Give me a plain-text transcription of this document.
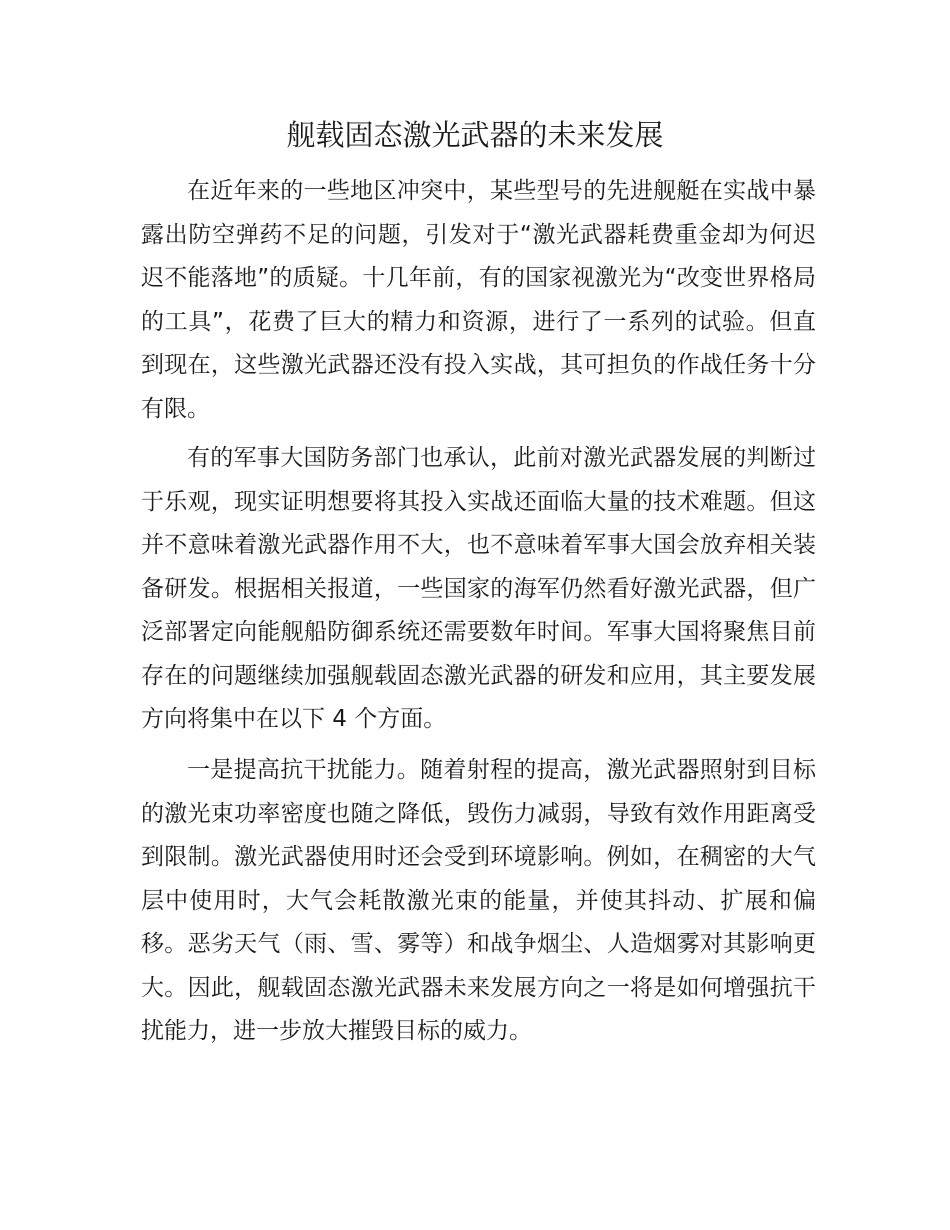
舰载固态激光武器的未来发展

在近年来的一些地区冲突中，某些型号的先进舰艇在实战中暴露出防空弹药不足的问题，引发对于“激光武器耗费重金却为何迟迟不能落地”的质疑。十几年前，有的国家视激光为“改变世界格局的工具”，花费了巨大的精力和资源，进行了一系列的试验。但直到现在，这些激光武器还没有投入实战，其可担负的作战任务十分有限。

有的军事大国防务部门也承认，此前对激光武器发展的判断过于乐观，现实证明想要将其投入实战还面临大量的技术难题。但这并不意味着激光武器作用不大，也不意味着军事大国会放弃相关装备研发。根据相关报道，一些国家的海军仍然看好激光武器，但广泛部署定向能舰船防御系统还需要数年时间。军事大国将聚焦目前存在的问题继续加强舰载固态激光武器的研发和应用，其主要发展方向将集中在以下 4 个方面。

一是提高抗干扰能力。随着射程的提高，激光武器照射到目标的激光束功率密度也随之降低，毁伤力减弱，导致有效作用距离受到限制。激光武器使用时还会受到环境影响。例如，在稠密的大气层中使用时，大气会耗散激光束的能量，并使其抖动、扩展和偏移。恶劣天气（雨、雪、雾等）和战争烟尘、人造烟雾对其影响更大。因此，舰载固态激光武器未来发展方向之一将是如何增强抗干扰能力，进一步放大摧毁目标的威力。
